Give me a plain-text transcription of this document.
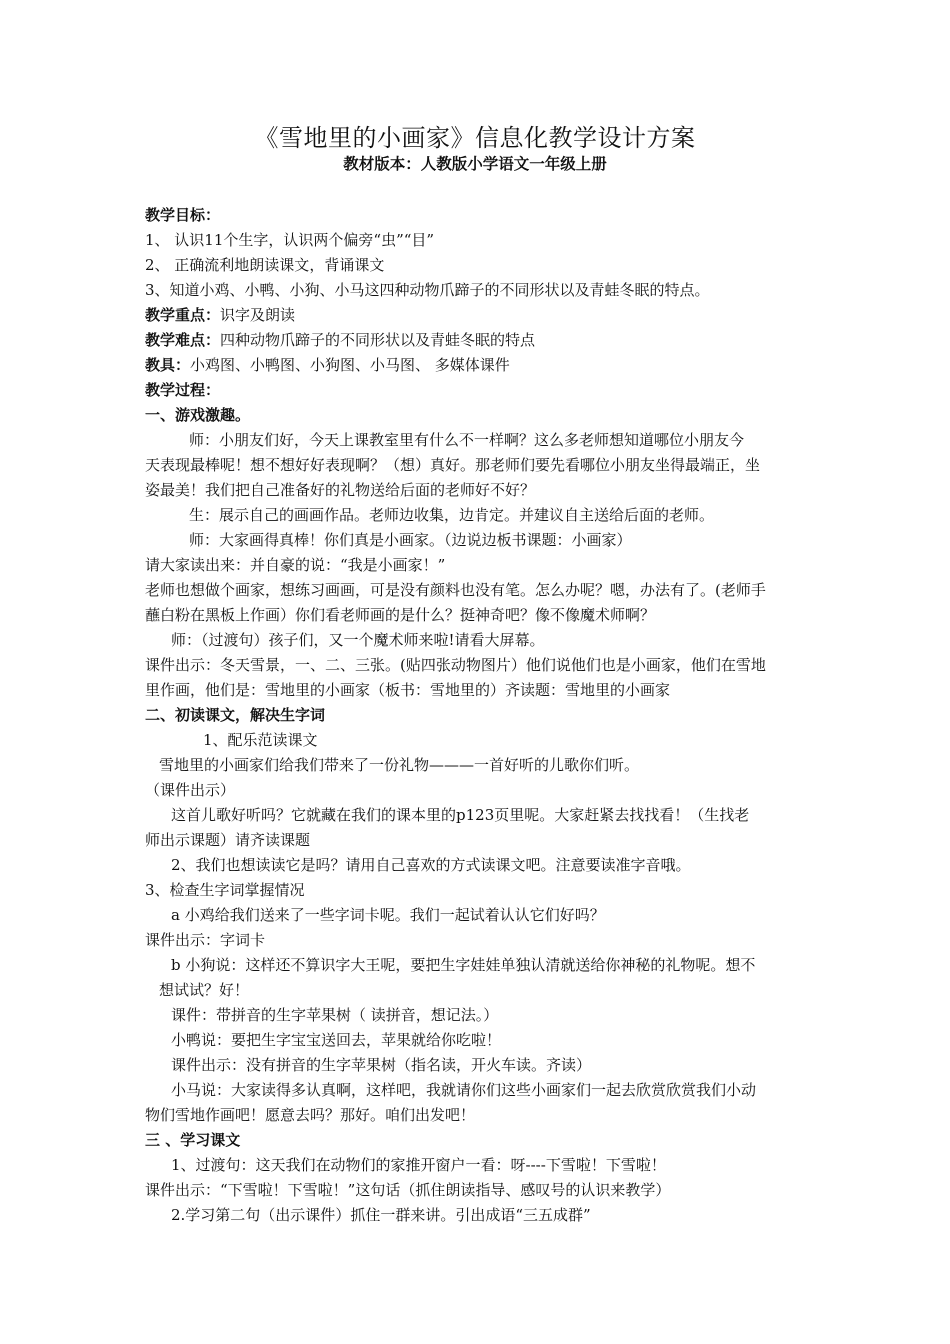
《雪地里的小画家》信息化教学设计方案
教材版本：人教版小学语文一年级上册
教学目标：
1、 认识11个生字，认识两个偏旁“虫”“目”
2、 正确流利地朗读课文，背诵课文
3、知道小鸡、小鸭、小狗、小马这四种动物爪蹄子的不同形状以及青蛙冬眠的特点。
教学重点：识字及朗读
教学难点：四种动物爪蹄子的不同形状以及青蛙冬眠的特点
教具：小鸡图、小鸭图、小狗图、小马图、 多媒体课件
教学过程：
一、游戏激趣。
师：小朋友们好，今天上课教室里有什么不一样啊？这么多老师想知道哪位小朋友今
天表现最棒呢！想不想好好表现啊？（想）真好。那老师们要先看哪位小朋友坐得最端正，坐
姿最美！我们把自己准备好的礼物送给后面的老师好不好？
生：展示自己的画画作品。老师边收集，边肯定。并建议自主送给后面的老师。
师：大家画得真棒！你们真是小画家。（边说边板书课题：小画家）
请大家读出来：并自豪的说：“我是小画家！”
老师也想做个画家，想练习画画，可是没有颜料也没有笔。怎么办呢？嗯，办法有了。(老师手
蘸白粉在黑板上作画）你们看老师画的是什么？挺神奇吧？像不像魔术师啊？
师：（过渡句）孩子们，又一个魔术师来啦!请看大屏幕。
课件出示：冬天雪景，一、二、三张。(贴四张动物图片）他们说他们也是小画家，他们在雪地
里作画，他们是：雪地里的小画家（板书：雪地里的）齐读题：雪地里的小画家
二、初读课文，解决生字词
1、配乐范读课文
雪地里的小画家们给我们带来了一份礼物———一首好听的儿歌你们听。
（课件出示）
这首儿歌好听吗？它就藏在我们的课本里的p123页里呢。大家赶紧去找找看！（生找老
师出示课题）请齐读课题
2、我们也想读读它是吗？请用自己喜欢的方式读课文吧。注意要读准字音哦。
3、检查生字词掌握情况
a 小鸡给我们送来了一些字词卡呢。我们一起试着认认它们好吗？
课件出示：字词卡
b 小狗说：这样还不算识字大王呢，要把生字娃娃单独认清就送给你神秘的礼物呢。想不
想试试？好！
课件：带拼音的生字苹果树（ 读拼音，想记法。）
小鸭说：要把生字宝宝送回去，苹果就给你吃啦！
课件出示：没有拼音的生字苹果树（指名读，开火车读。齐读）
小马说：大家读得多认真啊，这样吧，我就请你们这些小画家们一起去欣赏欣赏我们小动
物们雪地作画吧！愿意去吗？那好。咱们出发吧！
三 、学习课文
1、过渡句：这天我们在动物们的家推开窗户一看：呀----下雪啦！下雪啦！
课件出示：“下雪啦！下雪啦！”这句话（抓住朗读指导、感叹号的认识来教学）
2.学习第二句（出示课件）抓住一群来讲。引出成语“三五成群”
